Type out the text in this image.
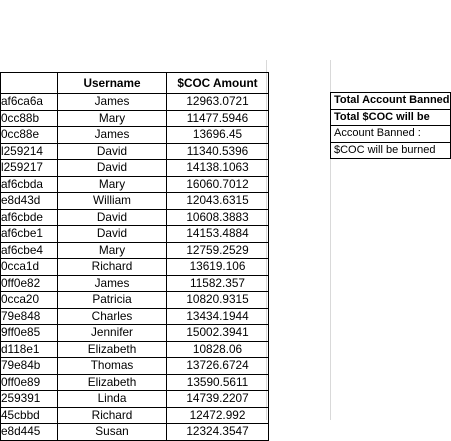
	Username	$COC Amount
af6ca6a	James	12963.0721
0cc88b	Mary	11477.5946
0cc88e	James	13696.45
l259214	David	11340.5396
l259217	David	14138.1063
af6cbda	Mary	16060.7012
e8d43d	William	12043.6315
af6cbde	David	10608.3883
af6cbe1	David	14153.4884
af6cbe4	Mary	12759.2529
0cca1d	Richard	13619.106
0ff0e82	James	11582.357
0cca20	Patricia	10820.9315
79e848	Charles	13434.1944
9ff0e85	Jennifer	15002.3941
d118e1	Elizabeth	10828.06
79e84b	Thomas	13726.6724
0ff0e89	Elizabeth	13590.5611
259391	Linda	14739.2207
45cbbd	Richard	12472.992
e8d445	Susan	12324.3547
Total Account Banned
Total $COC will be
Account Banned :
$COC will be burned
